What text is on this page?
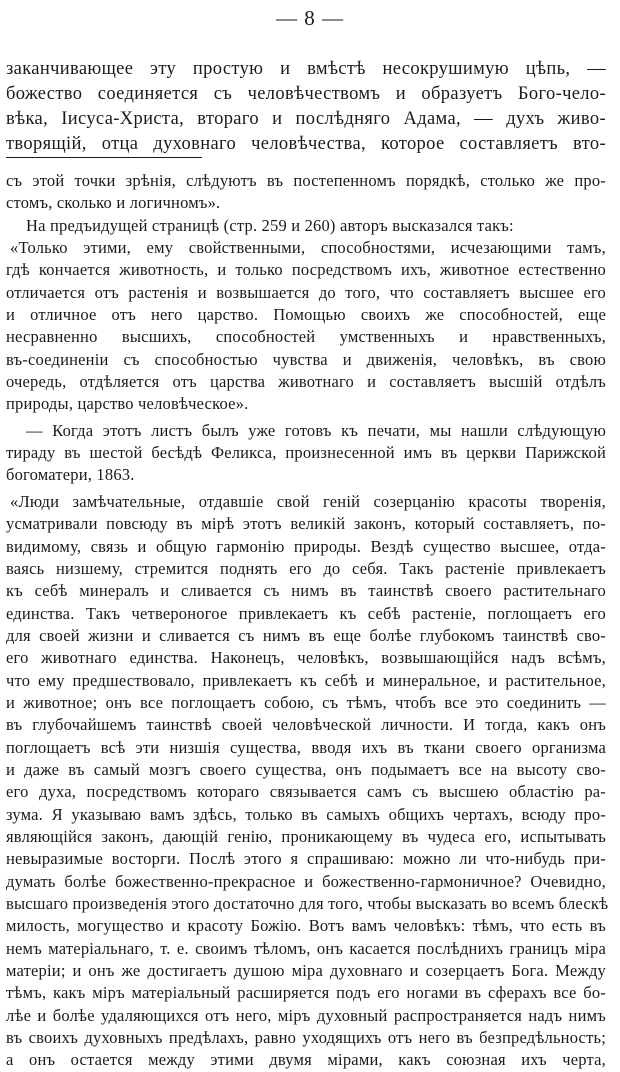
— 8 —
заканчивающее эту простую и вмѣстѣ несокрушимую цѣпь, —
божество соединяется съ человѣчествомъ и образуетъ Бого-чело-
вѣка, Іисуса-Христа, втораго и послѣдняго Адама, — духъ живо-
творящій, отца духовнаго человѣчества, которое составляетъ вто-
съ этой точки зрѣнія, слѣдуютъ въ постепенномъ порядкѣ, столько же про-
стомъ, сколько и логичномъ».
На предъидущей страницѣ (стр. 259 и 260) авторъ высказался такъ:
«Только этими, ему свойственными, способностями, исчезающими тамъ,
гдѣ кончается животность, и только посредствомъ ихъ, животное естественно
отличается отъ растенія и возвышается до того, что составляетъ высшее его
и отличное отъ него царство. Помощью своихъ же способностей, еще
несравненно высшихъ, способностей умственныхъ и нравственныхъ,
въ-соединеніи съ способностью чувства и движенія, человѣкъ, въ свою
очередь, отдѣляется отъ царства животнаго и составляетъ высшій отдѣлъ
природы, царство человѣческое».
— Когда этотъ листъ былъ уже готовъ къ печати, мы нашли слѣдующую
тираду въ шестой бесѣдѣ Феликса, произнесенной имъ въ церкви Парижской
богоматери, 1863.
«Люди замѣчательные, отдавшіе свой геній созерцанію красоты творенія,
усматривали повсюду въ мірѣ этотъ великій законъ, который составляетъ, по-
видимому, связь и общую гармонію природы. Вездѣ существо высшее, отда-
ваясь низшему, стремится поднять его до себя. Такъ растеніе привлекаетъ
къ себѣ минералъ и сливается съ нимъ въ таинствѣ своего растительнаго
единства. Такъ четвероногое привлекаетъ къ себѣ растеніе, поглощаетъ его
для своей жизни и сливается съ нимъ въ еще болѣе глубокомъ таинствѣ сво-
его животнаго единства. Наконецъ, человѣкъ, возвышающійся надъ всѣмъ,
что ему предшествовало, привлекаетъ къ себѣ и минеральное, и растительное,
и животное; онъ все поглощаетъ собою, съ тѣмъ, чтобъ все это соединить —
въ глубочайшемъ таинствѣ своей человѣческой личности. И тогда, какъ онъ
поглощаетъ всѣ эти низшія существа, вводя ихъ въ ткани своего организма
и даже въ самый мозгъ своего существа, онъ подымаетъ все на высоту сво-
его духа, посредствомъ котораго связывается самъ съ высшею областію ра-
зума. Я указываю вамъ здѣсь, только въ самыхъ общихъ чертахъ, всюду про-
являющійся законъ, дающій генію, проникающему въ чудеса его, испытывать
невыразимые восторги. Послѣ этого я спрашиваю: можно ли что-нибудь при-
думать болѣе божественно-прекрасное и божественно-гармоничное? Очевидно,
высшаго произведенія этого достаточно для того, чтобы высказать во всемъ блескѣ
милость, могущество и красоту Божію. Вотъ вамъ человѣкъ: тѣмъ, что есть въ
немъ матеріальнаго, т. е. своимъ тѣломъ, онъ касается послѣднихъ границъ міра
матеріи; и онъ же достигаетъ душою міра духовнаго и созерцаетъ Бога. Между
тѣмъ, какъ міръ матеріальный расширяется подъ его ногами въ сферахъ все бо-
лѣе и болѣе удаляющихся отъ него, міръ духовный распространяется надъ нимъ
въ своихъ духовныхъ предѣлахъ, равно уходящихъ отъ него въ безпредѣльность;
а онъ остается между этими двумя мірами, какъ союзная ихъ черта,
